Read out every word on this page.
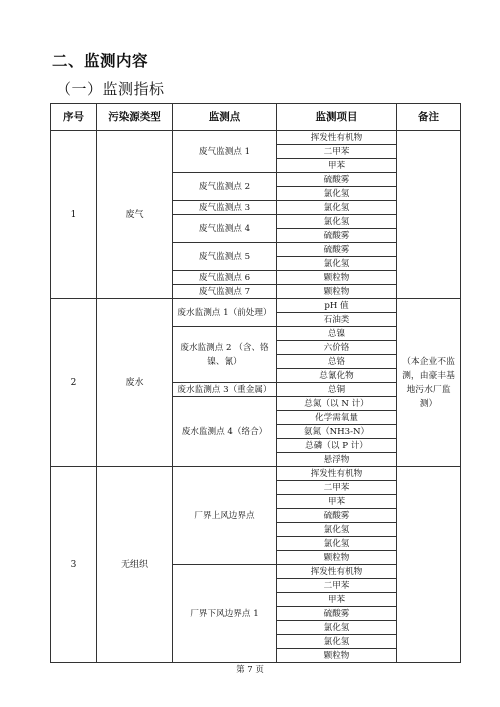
二、监测内容
（一）监测指标
序号	污染源类型	监测点	监测项目	备注
1	废气	废气监测点 1	挥发性有机物	
			二甲苯	
			甲苯	
		废气监测点 2	硫酸雾	
			氯化氢	
		废气监测点 3	氯化氢	
		废气监测点 4	氯化氢	
			硫酸雾	
		废气监测点 5	硫酸雾	
			氯化氢	
		废气监测点 6	颗粒物	
		废气监测点 7	颗粒物	
2	废水	废水监测点 1（前处理）	pH 值	（本企业不监测，由豪丰基地污水厂监测）
			石油类	
		废水监测点 2 （含、铬镍、氰）	总镍	
			六价铬	
			总铬	
			总氰化物	
		废水监测点 3（重金属）	总铜	
		废水监测点 4（络合）	总氮（以 N 计）	
			化学需氧量	
			氨氮（NH3-N）	
			总磷（以 P 计）	
			悬浮物	
3	无组织	厂界上风边界点	挥发性有机物	
			二甲苯	
			甲苯	
			硫酸雾	
			氯化氢	
			氯化氢	
			颗粒物	
		厂界下风边界点 1	挥发性有机物	
			二甲苯	
			甲苯	
			硫酸雾	
			氯化氢	
			氯化氢	
			颗粒物	
第 7 页
